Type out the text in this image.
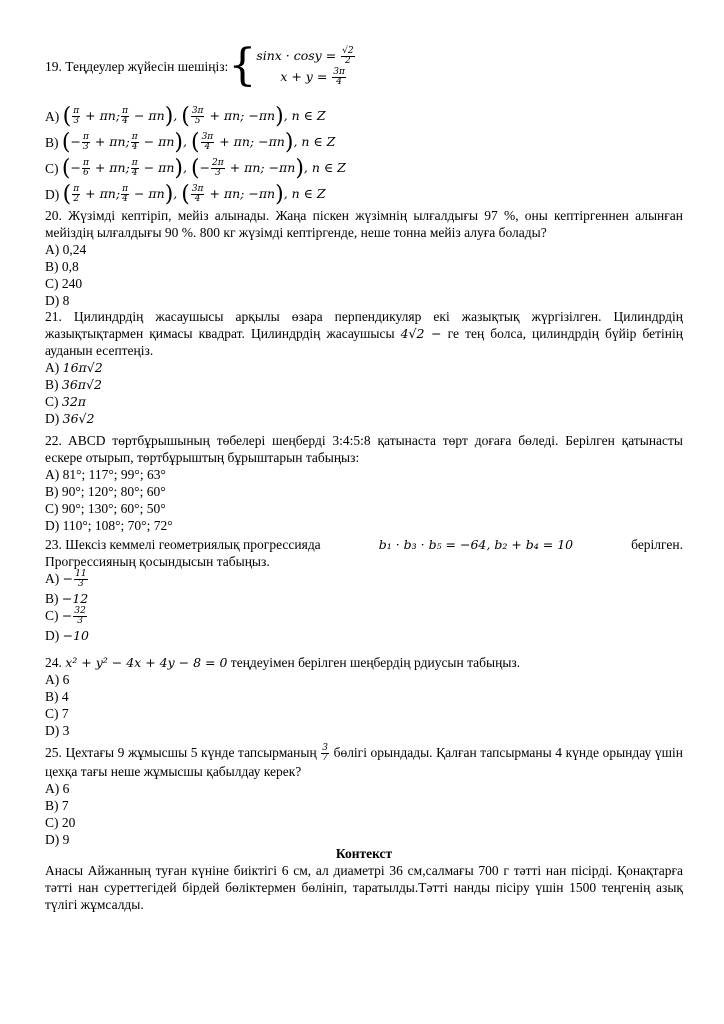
19. Теңдеулер жүйесін шешіңіз: { $\sin x \cdot \cos y = \frac{√2}{2}$
$x + y = \frac{3\pi}{4}$
A)
( $\frac{\pi}{3} + \pi n$; $\frac{\pi}{4} - \pi n$), ( $\frac{3\pi}{5} + \pi n$; −πn), n ∈ Z
B)
(− $\frac{\pi}{3} + \pi n$; $\frac{\pi}{4} - \pi n$), ( $\frac{3\pi}{4} + \pi n$; −πn), n ∈ Z
C)
(− $\frac{\pi}{6} + \pi n$; $\frac{\pi}{4} - \pi n$), (− $\frac{2\pi}{3} + \pi n$; −πn), n ∈ Z
D)
( $\frac{\pi}{2} + \pi n$; $\frac{\pi}{4} - \pi n$), ( $\frac{3\pi}{4} + \pi n$; −πn), n ∈ Z
20. Жүзімді кептіріп, мейіз алынады. Жаңа піскен жүзімнің ылғалдығы 97 %, оны кептіргеннен алынған мейіздің ылғалдығы 90 %. 800 кг жүзімді кептіргенде, неше тонна мейіз алуға болады?
A) 0,24
B) 0,8
C) 240
D) 8
21. Цилиндрдің жасаушысы арқылы өзара перпендикуляр екі жазықтық жүргізілген. Цилиндрдің жазықтықтармен қимасы квадрат. Цилиндрдің жасаушысы 4√2 − ге тең болса, цилиндрдің бүйір бетінің ауданын есептеңіз.
A) 16π√2
B) 36π√2
C) 32π
D) 36√2
22. ABCD төртбұрышының төбелері шеңберді 3:4:5:8 қатынаста төрт доғаға бөледі. Берілген қатынасты ескере отырып, төртбұрыштың бұрыштарын табыңыз:
A) 81°; 117°; 99°; 63°
B) 90°; 120°; 80°; 60°
C) 90°; 130°; 60°; 50°
D) 110°; 108°; 70°; 72°
23. Шексіз кеммелі геометриялық прогрессияда	b₁ · b₃ · b₅ = −64, b₂ + b₄ = 10	берілген.
Прогрессияның қосындысын табыңыз.
$A) - \frac{11}{3}$
B) −12
$C) - \frac{32}{3}$
D) −10
24. x² + y² − 4x + 4y − 8 = 0 теңдеуімен берілген шеңбердің рдиусын табыңыз.
A) 6
B) 4
C) 7
D) 3
25. Цехтағы 9 жұмысшы 5 күнде тапсырманың $\frac{3}{7}$ бөлігі орындады. Қалған тапсырманы 4 күнде орындау үшін цехқа тағы неше жұмысшы қабылдау керек?
A) 6
B) 7
C) 20
D) 9
Контекст
Анасы Айжанның туған күніне биіктігі 6 см, ал диаметрі 36 см,салмағы 700 г тәтті нан пісірді. Қонақтарға тәтті нан суреттегідей бірдей бөліктермен бөлініп, таратылды.Тәтті нанды пісіру үшін 1500 теңгенің азық түлігі жұмсалды.
